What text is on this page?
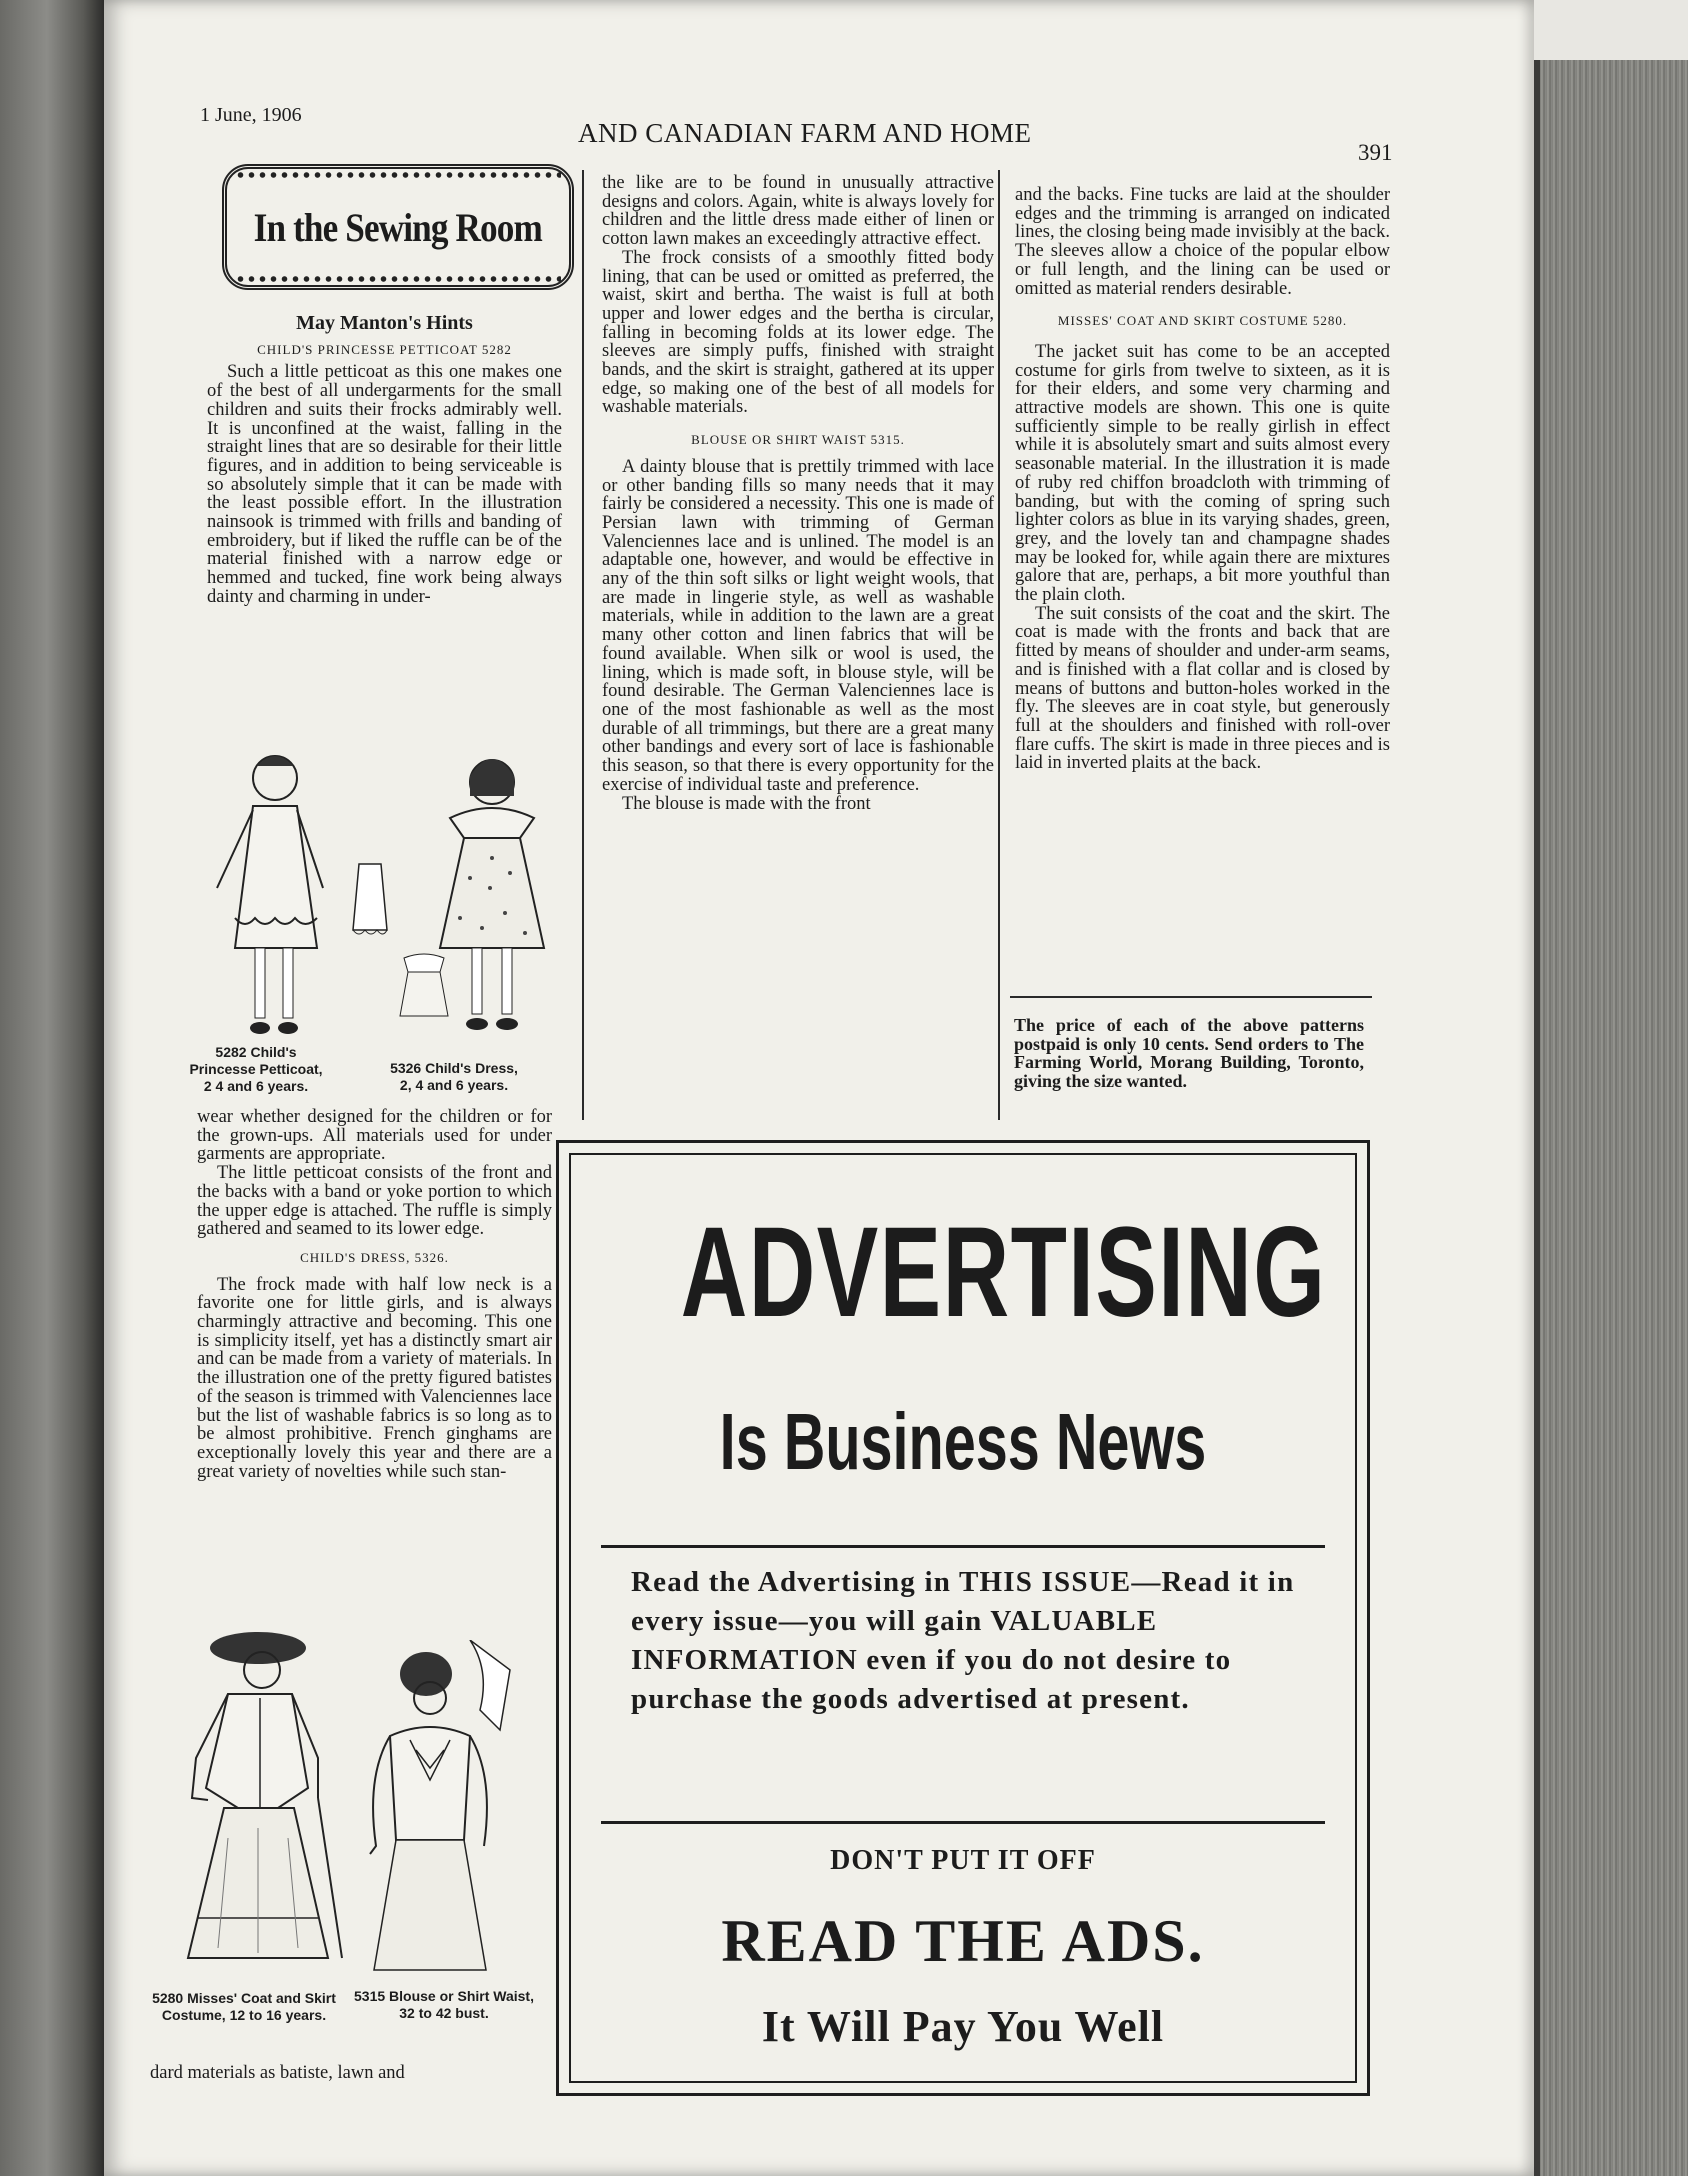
1 June, 1906
AND CANADIAN FARM AND HOME
391
In the Sewing Room
May Manton's Hints
CHILD'S PRINCESSE PETTICOAT 5282

Such a little petticoat as this one makes one of the best of all undergarments for the small children and suits their frocks admirably well. It is unconfined at the waist, falling in the straight lines that are so desirable for their little figures, and in addition to being serviceable is so absolutely simple that it can be made with the least possible effort. In the illustration nainsook is trimmed with frills and banding of embroidery, but if liked the ruffle can be of the material finished with a narrow edge or hemmed and tucked, fine work being always dainty and charming in under-

5282 Child's Princesse Petticoat, 2 4 and 6 years.
5326 Child's Dress, 2, 4 and 6 years.

wear whether designed for the children or for the grown-ups. All materials used for under garments are appropriate.

The little petticoat consists of the front and the backs with a band or yoke portion to which the upper edge is attached. The ruffle is simply gathered and seamed to its lower edge.

CHILD'S DRESS, 5326.

The frock made with half low neck is a favorite one for little girls, and is always charmingly attractive and becoming. This one is simplicity itself, yet has a distinctly smart air and can be made from a variety of materials. In the illustration one of the pretty figured batistes of the season is trimmed with Valenciennes lace but the list of washable fabrics is so long as to be almost prohibitive. French ginghams are exceptionally lovely this year and there are a great variety of novelties while such stan-

5280 Misses' Coat and Skirt Costume, 12 to 16 years.
5315 Blouse or Shirt Waist, 32 to 42 bust.

dard materials as batiste, lawn and

the like are to be found in unusually attractive designs and colors. Again, white is always lovely for children and the little dress made either of linen or cotton lawn makes an exceedingly attractive effect.

The frock consists of a smoothly fitted body lining, that can be used or omitted as preferred, the waist, skirt and bertha. The waist is full at both upper and lower edges and the bertha is circular, falling in becoming folds at its lower edge. The sleeves are simply puffs, finished with straight bands, and the skirt is straight, gathered at its upper edge, so making one of the best of all models for washable materials.

BLOUSE OR SHIRT WAIST 5315.

A dainty blouse that is prettily trimmed with lace or other banding fills so many needs that it may fairly be considered a necessity. This one is made of Persian lawn with trimming of German Valenciennes lace and is unlined. The model is an adaptable one, however, and would be effective in any of the thin soft silks or light weight wools, that are made in lingerie style, as well as washable materials, while in addition to the lawn are a great many other cotton and linen fabrics that will be found available. When silk or wool is used, the lining, which is made soft, in blouse style, will be found desirable. The German Valenciennes lace is one of the most fashionable as well as the most durable of all trimmings, but there are a great many other bandings and every sort of lace is fashionable this season, so that there is every opportunity for the exercise of individual taste and preference.

The blouse is made with the front

and the backs. Fine tucks are laid at the shoulder edges and the trimming is arranged on indicated lines, the closing being made invisibly at the back. The sleeves allow a choice of the popular elbow or full length, and the lining can be used or omitted as material renders desirable.

MISSES' COAT AND SKIRT COSTUME 5280.

The jacket suit has come to be an accepted costume for girls from twelve to sixteen, as it is for their elders, and some very charming and attractive models are shown. This one is quite sufficiently simple to be really girlish in effect while it is absolutely smart and suits almost every seasonable material. In the illustration it is made of ruby red chiffon broadcloth with trimming of banding, but with the coming of spring such lighter colors as blue in its varying shades, green, grey, and the lovely tan and champagne shades may be looked for, while again there are mixtures galore that are, perhaps, a bit more youthful than the plain cloth.

The suit consists of the coat and the skirt. The coat is made with the fronts and back that are fitted by means of shoulder and under-arm seams, and is finished with a flat collar and is closed by means of buttons and button-holes worked in the fly. The sleeves are in coat style, but generously full at the shoulders and finished with roll-over flare cuffs. The skirt is made in three pieces and is laid in inverted plaits at the back.

The price of each of the above patterns postpaid is only 10 cents. Send orders to The Farming World, Morang Building, Toronto, giving the size wanted.
ADVERTISING
Is Business News
Read the Advertising in THIS ISSUE—Read it in every issue—you will gain VALUABLE INFORMATION even if you do not desire to purchase the goods advertised at present.
DON'T PUT IT OFF
READ THE ADS.
It Will Pay You Well
